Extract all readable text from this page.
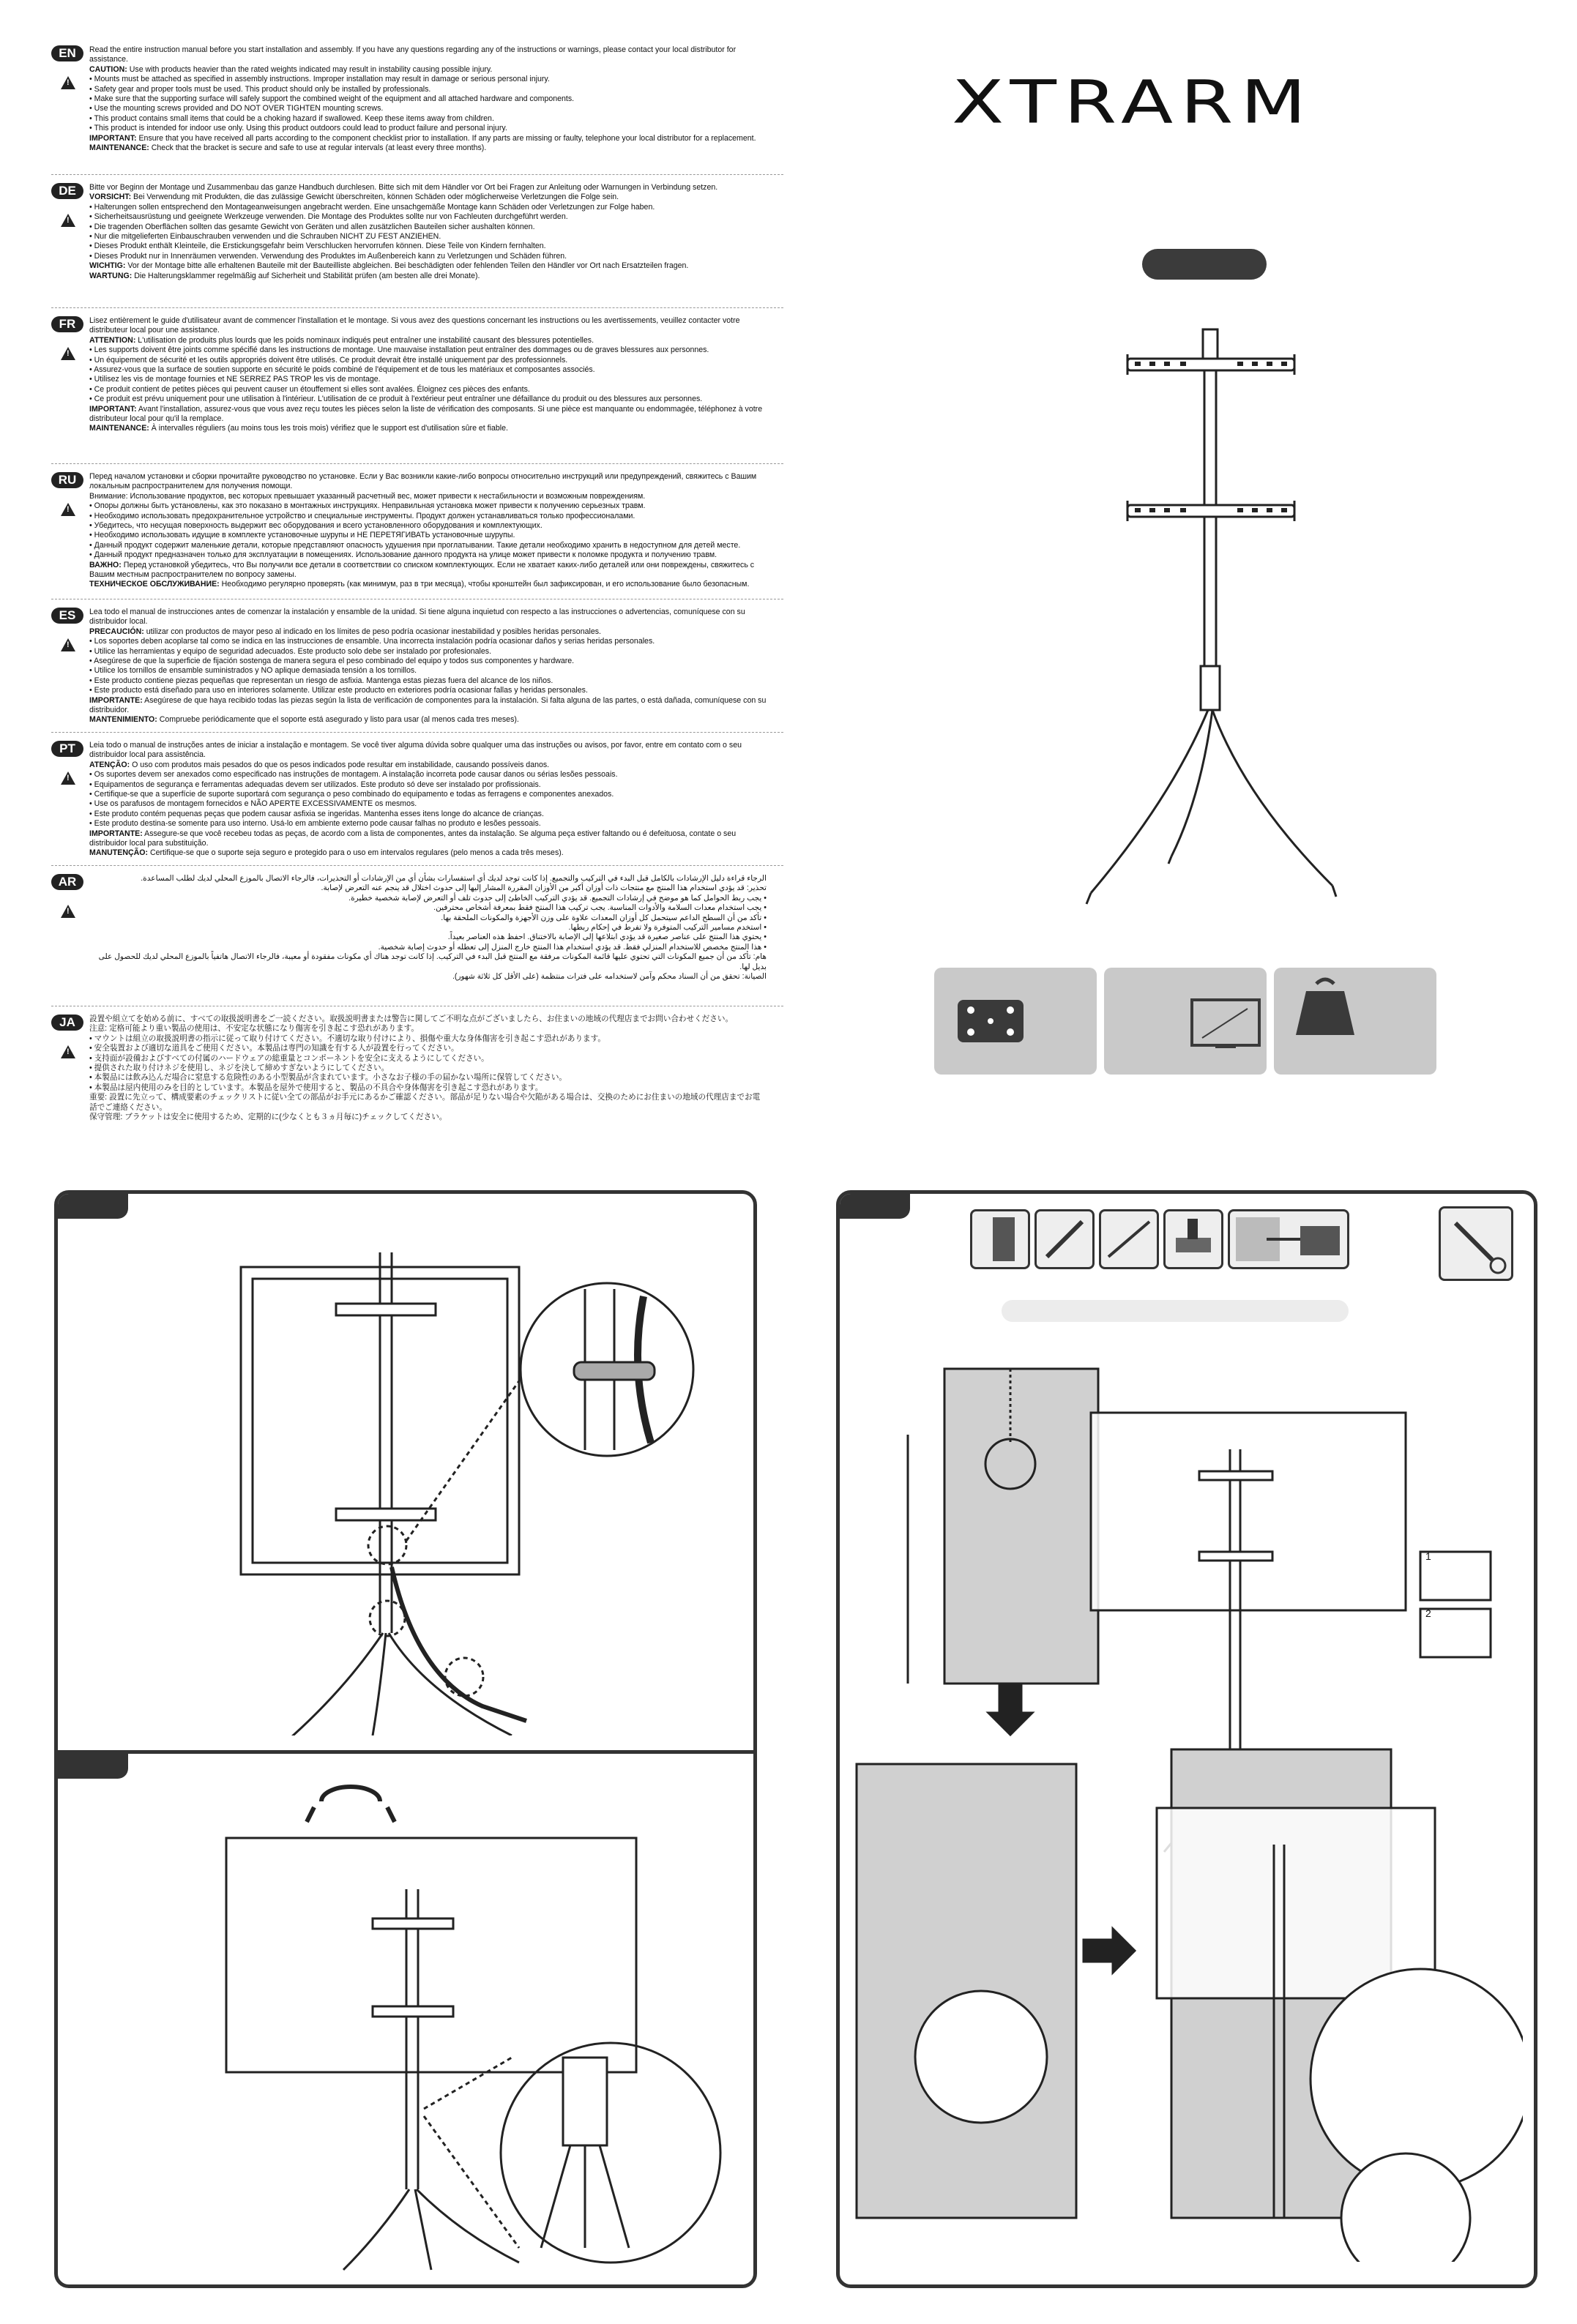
EN
!	Read the entire instruction manual before you start installation and assembly. If you have any questions regarding any of the instructions or warnings, please contact your local distributor for assistance.

CAUTION: Use with products heavier than the rated weights indicated may result in instability causing possible injury.

• Mounts must be attached as specified in assembly instructions. Improper installation may result in damage or serious personal injury.

• Safety gear and proper tools must be used. This product should only be installed by professionals.

• Make sure that the supporting surface will safely support the combined weight of the equipment and all attached hardware and components.

• Use the mounting screws provided and DO NOT OVER TIGHTEN mounting screws.

• This product contains small items that could be a choking hazard if swallowed. Keep these items away from children.

• This product is intended for indoor use only. Using this product outdoors could lead to product failure and personal injury.

IMPORTANT: Ensure that you have received all parts according to the component checklist prior to installation. If any parts are missing or faulty, telephone your local distributor for a replacement.

MAINTENANCE: Check that the bracket is secure and safe to use at regular intervals (at least every three months).

DE
!	Bitte vor Beginn der Montage und Zusammenbau das ganze Handbuch durchlesen. Bitte sich mit dem Händler vor Ort bei Fragen zur Anleitung oder Warnungen in Verbindung setzen.

VORSICHT: Bei Verwendung mit Produkten, die das zulässige Gewicht überschreiten, können Schäden oder möglicherweise Verletzungen die Folge sein.

• Halterungen sollen entsprechend den Montageanweisungen angebracht werden. Eine unsachgemäße Montage kann Schäden oder Verletzungen zur Folge haben.

• Sicherheitsausrüstung und geeignete Werkzeuge verwenden. Die Montage des Produktes sollte nur von Fachleuten durchgeführt werden.

• Die tragenden Oberflächen sollten das gesamte Gewicht von Geräten und allen zusätzlichen Bauteilen sicher aushalten können.

• Nur die mitgelieferten Einbauschrauben verwenden und die Schrauben NICHT ZU FEST ANZIEHEN.

• Dieses Produkt enthält Kleinteile, die Erstickungsgefahr beim Verschlucken hervorrufen können. Diese Teile von Kindern fernhalten.

• Dieses Produkt nur in Innenräumen verwenden. Verwendung des Produktes im Außenbereich kann zu Verletzungen und Schäden führen.

WICHTIG: Vor der Montage bitte alle erhaltenen Bauteile mit der Bauteilliste abgleichen. Bei beschädigten oder fehlenden Teilen den Händler vor Ort nach Ersatzteilen fragen.

WARTUNG: Die Halterungsklammer regelmäßig auf Sicherheit und Stabilität prüfen (am besten alle drei Monate).

FR
!	Lisez entièrement le guide d'utilisateur avant de commencer l'installation et le montage. Si vous avez des questions concernant les instructions ou les avertissements, veuillez contacter votre distributeur local pour une assistance.

ATTENTION: L'utilisation de produits plus lourds que les poids nominaux indiqués peut entraîner une instabilité causant des blessures potentielles.

• Les supports doivent être joints comme spécifié dans les instructions de montage. Une mauvaise installation peut entraîner des dommages ou de graves blessures aux personnes.

• Un équipement de sécurité et les outils appropriés doivent être utilisés. Ce produit devrait être installé uniquement par des professionnels.

• Assurez-vous que la surface de soutien supporte en sécurité le poids combiné de l'équipement et de tous les matériaux et composantes associés.

• Utilisez les vis de montage fournies et NE SERREZ PAS TROP les vis de montage.

• Ce produit contient de petites pièces qui peuvent causer un étouffement si elles sont avalées. Éloignez ces pièces des enfants.

• Ce produit est prévu uniquement pour une utilisation à l'intérieur. L'utilisation de ce produit à l'extérieur peut entraîner une défaillance du produit ou des blessures aux personnes.

IMPORTANT: Avant l'installation, assurez-vous que vous avez reçu toutes les pièces selon la liste de vérification des composants. Si une pièce est manquante ou endommagée, téléphonez à votre distributeur local pour qu'il la remplace.

MAINTENANCE: À intervalles réguliers (au moins tous les trois mois) vérifiez que le support est d'utilisation sûre et fiable.

RU
!	Перед началом установки и сборки прочитайте руководство по установке. Если у Вас возникли какие-либо вопросы относительно инструкций или предупреждений, свяжитесь с Вашим локальным распространителем для получения помощи.

Внимание: Использование продуктов, вес которых превышает указанный расчетный вес, может привести к нестабильности и возможным повреждениям.

• Опоры должны быть установлены, как это показано в монтажных инструкциях. Неправильная установка может привести к получению серьезных травм.

• Необходимо использовать предохранительное устройство и специальные инструменты. Продукт должен устанавливаться только профессионалами.

• Убедитесь, что несущая поверхность выдержит вес оборудования и всего установленного оборудования и комплектующих.

• Необходимо использовать идущие в комплекте установочные шурупы и НЕ ПЕРЕТЯГИВАТЬ установочные шурупы.

• Данный продукт содержит маленькие детали, которые представляют опасность удушения при проглатывании. Такие детали необходимо хранить в недоступном для детей месте.

• Данный продукт предназначен только для эксплуатации в помещениях. Использование данного продукта на улице может привести к поломке продукта и получению травм.

ВАЖНО: Перед установкой убедитесь, что Вы получили все детали в соответствии со списком комплектующих. Если не хватает каких-либо деталей или они повреждены, свяжитесь с Вашим местным распространителем по вопросу замены.

ТЕХНИЧЕСКОЕ ОБСЛУЖИВАНИЕ: Необходимо регулярно проверять (как минимум, раз в три месяца), чтобы кронштейн был зафиксирован, и его использование было безопасным.

ES
!	Lea todo el manual de instrucciones antes de comenzar la instalación y ensamble de la unidad. Si tiene alguna inquietud con respecto a las instrucciones o advertencias, comuníquese con su distribuidor local.

PRECAUCIÓN: utilizar con productos de mayor peso al indicado en los límites de peso podría ocasionar inestabilidad y posibles heridas personales.

• Los soportes deben acoplarse tal como se indica en las instrucciones de ensamble. Una incorrecta instalación podría ocasionar daños y serias heridas personales.

• Utilice las herramientas y equipo de seguridad adecuados. Este producto solo debe ser instalado por profesionales.

• Asegúrese de que la superficie de fijación sostenga de manera segura el peso combinado del equipo y todos sus componentes y hardware.

• Utilice los tornillos de ensamble suministrados y NO aplique demasiada tensión a los tornillos.

• Este producto contiene piezas pequeñas que representan un riesgo de asfixia. Mantenga estas piezas fuera del alcance de los niños.

• Este producto está diseñado para uso en interiores solamente. Utilizar este producto en exteriores podría ocasionar fallas y heridas personales.

IMPORTANTE: Asegúrese de que haya recibido todas las piezas según la lista de verificación de componentes para la instalación. Si falta alguna de las partes, o está dañada, comuníquese con su distribuidor.

MANTENIMIENTO: Compruebe periódicamente que el soporte está asegurado y listo para usar (al menos cada tres meses).

PT
!	Leia todo o manual de instruções antes de iniciar a instalação e montagem. Se você tiver alguma dúvida sobre qualquer uma das instruções ou avisos, por favor, entre em contato com o seu distribuidor local para assistência.

ATENÇÃO: O uso com produtos mais pesados do que os pesos indicados pode resultar em instabilidade, causando possíveis danos.

• Os suportes devem ser anexados como especificado nas instruções de montagem. A instalação incorreta pode causar danos ou sérias lesões pessoais.

• Equipamentos de segurança e ferramentas adequadas devem ser utilizados. Este produto só deve ser instalado por profissionais.

• Certifique-se que a superfície de suporte suportará com segurança o peso combinado do equipamento e todas as ferragens e componentes anexados.

• Use os parafusos de montagem fornecidos e NÃO APERTE EXCESSIVAMENTE os mesmos.

• Este produto contém pequenas peças que podem causar asfixia se ingeridas. Mantenha esses itens longe do alcance de crianças.

• Este produto destina-se somente para uso interno. Usá-lo em ambiente externo pode causar falhas no produto e lesões pessoais.

IMPORTANTE: Assegure-se que você recebeu todas as peças, de acordo com a lista de componentes, antes da instalação. Se alguma peça estiver faltando ou é defeituosa, contate o seu distribuidor local para substituição.

MANUTENÇÃO: Certifique-se que o suporte seja seguro e protegido para o uso em intervalos regulares (pelo menos a cada três meses).

AR
!	الرجاء قراءة دليل الإرشادات بالكامل قبل البدء في التركيب والتجميع. إذا كانت توجد لديك أي استفسارات بشأن أي من الإرشادات أو التحذيرات، فالرجاء الاتصال بالموزع المحلي لديك لطلب المساعدة.

تحذير: قد يؤدي استخدام هذا المنتج مع منتجات ذات أوزان أكبر من الأوزان المقررة المشار إليها إلى حدوث اختلال قد ينجم عنه التعرض لإصابة.

• يجب ربط الحوامل كما هو موضح في إرشادات التجميع. قد يؤدي التركيب الخاطئ إلى حدوث تلف أو التعرض لإصابة شخصية خطيرة.

• يجب استخدام معدات السلامة والأدوات المناسبة. يجب تركيب هذا المنتج فقط بمعرفة أشخاص محترفين.

• تأكد من أن السطح الداعم سيتحمل كل أوزان المعدات علاوة على وزن الأجهزة والمكونات الملحقة بها.

• استخدم مسامير التركيب المتوفرة ولا تفرط في إحكام ربطها.

• يحتوي هذا المنتج على عناصر صغيرة قد يؤدي ابتلاعها إلى الإصابة بالاختناق. احفظ هذه العناصر بعيداً.

• هذا المنتج مخصص للاستخدام المنزلي فقط. قد يؤدي استخدام هذا المنتج خارج المنزل إلى تعطله أو حدوث إصابة شخصية.

هام: تأكد من أن جميع المكونات التي تحتوي عليها قائمة المكونات مرفقة مع المنتج قبل البدء في التركيب. إذا كانت توجد هناك أي مكونات مفقودة أو معيبة، فالرجاء الاتصال هاتفياً بالموزع المحلي لديك للحصول على بديل لها.

الصيانة: تحقق من أن السناد محكم وآمن لاستخدامه على فترات منتظمة (على الأقل كل ثلاثة شهور).

JA
!	設置や組立てを始める前に、すべての取扱説明書をご一読ください。取扱説明書または警告に関してご不明な点がございましたら、お住まいの地域の代理店までお問い合わせください。

注意: 定格可能より重い製品の使用は、不安定な状態になり傷害を引き起こす恐れがあります。

• マウントは組立の取扱説明書の指示に従って取り付けてください。不適切な取り付けにより、損傷や重大な身体傷害を引き起こす恐れがあります。

• 安全装置および適切な道具をご使用ください。本製品は専門の知識を有する人が設置を行ってください。

• 支持面が設備およびすべての付属のハードウェアの総重量とコンポーネントを安全に支えるようにしてください。

• 提供された取り付けネジを使用し、ネジを決して締めすぎないようにしてください。

• 本製品には飲み込んだ場合に窒息する危険性のある小型製品が含まれています。小さなお子様の手の届かない場所に保管してください。

• 本製品は屋内使用のみを目的としています。本製品を屋外で使用すると、製品の不具合や身体傷害を引き起こす恐れがあります。

重要: 設置に先立って、構成要素のチェックリストに従い全ての部品がお手元にあるかご確認ください。部品が足りない場合や欠陥がある場合は、交換のためにお住まいの地域の代理店までお電話でご連絡ください。

保守管理: ブラケットは安全に使用するため、定期的に(少なくとも３ヵ月毎に)チェックしてください。

XTRARM
1
2
